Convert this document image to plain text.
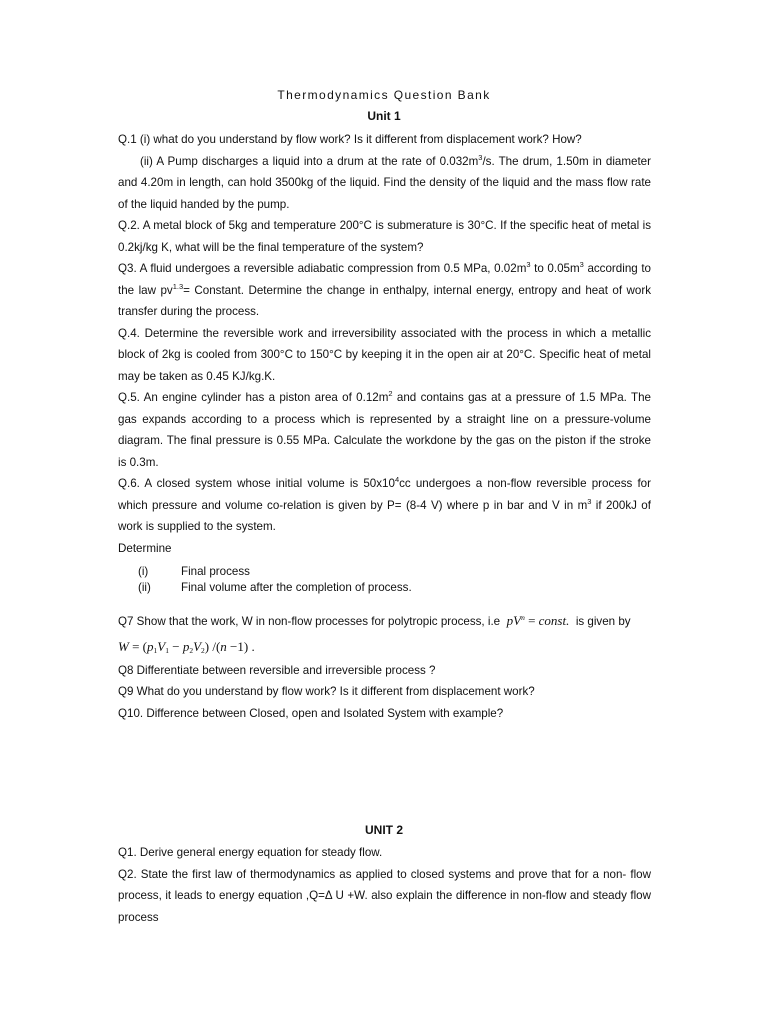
Thermodynamics Question Bank
Unit 1

Q.1 (i) what do you understand by flow work? Is it different from displacement work? How?

(ii) A Pump discharges a liquid into a drum at the rate of $0.032m^3/s$. The drum, 1.50m in diameter and 4.20m in length, can hold 3500kg of the liquid. Find the density of the liquid and the mass flow rate of the liquid handed by the pump.

Q.2. A metal block of 5kg and temperature 200°C is submerature is 30°C. If the specific heat of metal is 0.2kj/kg K, what will be the final temperature of the system?

Q3. A fluid undergoes a reversible adiabatic compression from 0.5 MPa, $0.02m^3$ to $0.05m^3$ according to the law $pv^{1.3}=$ Constant. Determine the change in enthalpy, internal energy, entropy and heat of work transfer during the process.

Q.4. Determine the reversible work and irreversibility associated with the process in which a metallic block of 2kg is cooled from 300°C to 150°C by keeping it in the open air at 20°C. Specific heat of metal may be taken as 0.45 KJ/kg.K.

Q.5. An engine cylinder has a piston area of $0.12m^2$ and contains gas at a pressure of 1.5 MPa. The gas expands according to a process which is represented by a straight line on a pressure-volume diagram. The final pressure is 0.55 MPa. Calculate the workdone by the gas on the piston if the stroke is 0.3m.

Q.6. A closed system whose initial volume is $50x10^4cc$ undergoes a non-flow reversible process for which pressure and volume co-relation is given by P= (8-4 V) where p in bar and V in $m^3$ if 200kJ of work is supplied to the system.

Determine

(i)	Final process
(ii)	Final volume after the completion of process.

Q7 Show that the work, W in non-flow processes for polytropic process, i.e $pV^n$ = const. is given by

$W = (p_1V_1 - p_2V_2)$ /(n −1) .

Q8 Differentiate between reversible and irreversible process ?

Q9 What do you understand by flow work? Is it different from displacement work?

Q10. Difference between Closed, open and Isolated System with example?

UNIT 2

Q1. Derive general energy equation for steady flow.

Q2. State the first law of thermodynamics as applied to closed systems and prove that for a non- flow process, it leads to energy equation ,Q=Δ U +W. also explain the difference in non-flow and steady flow process
